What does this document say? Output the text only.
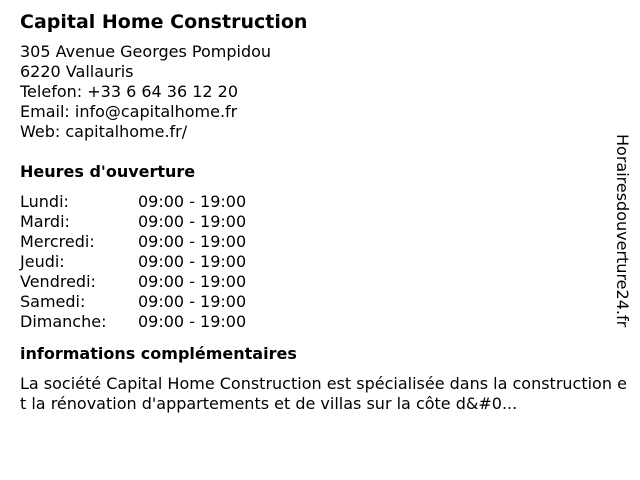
Capital Home Construction
305 Avenue Georges Pompidou
6220 Vallauris
Telefon: +33 6 64 36 12 20
Email: info@capitalhome.fr
Web: capitalhome.fr/
Heures d'ouverture
Lundi:	09:00 - 19:00
Mardi:	09:00 - 19:00
Mercredi:	09:00 - 19:00
Jeudi:	09:00 - 19:00
Vendredi:	09:00 - 19:00
Samedi:	09:00 - 19:00
Dimanche:	09:00 - 19:00
informations complémentaires
La société Capital Home Construction est spécialisée dans la construction et la rénovation d'appartements et de villas sur la côte d&#0...
Horairesdouverture24.fr
